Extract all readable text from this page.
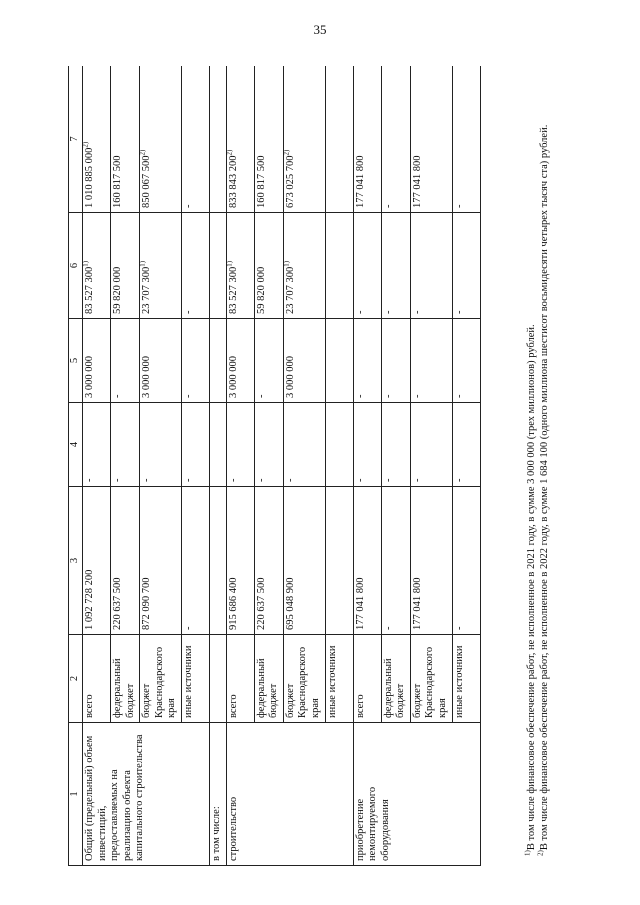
35
1	2	3	4	5	6	7
Общий (предельный) объем инвестиций, предоставляемых на реализацию объекта капитального строительства	всего	1 092 728 200	-	3 000 000	83 527 300$^{1)}$	1 010 885 000$^{2)}$
	федеральный бюджет	220 637 500	-	-	59 820 000	160 817 500
	бюджет Краснодарского края	872 090 700	-	3 000 000	23 707 300$^{1)}$	850 067 500$^{2)}$
	иные источники	-	-	-	-	-
в том числе:						
строительство	всего	915 686 400	-	3 000 000	83 527 300$^{1)}$	833 843 200$^{2)}$
	федеральный бюджет	220 637 500	-	-	59 820 000	160 817 500
	бюджет Краснодарского края	695 048 900	-	3 000 000	23 707 300$^{1)}$	673 025 700$^{2)}$
	иные источники					
приобретение немонтируемого оборудования	всего	177 041 800	-	-	-	177 041 800
	федеральный бюджет	-	-	-	-	-
	бюджет Краснодарского края	177 041 800	-	-	-	177 041 800
	иные источники	-	-	-	-	-

$^{1)}$В том числе финансовое обеспечение работ, не исполненное в 2021 году, в сумме 3 000 000 (трех миллионов) рублей.

$^{2)}$В том числе финансовое обеспечение работ, не исполненное в 2022 году, в сумме 1 684 100 (одного миллиона шестисот восьмидесяти четырех тысяч ста) рублей.
